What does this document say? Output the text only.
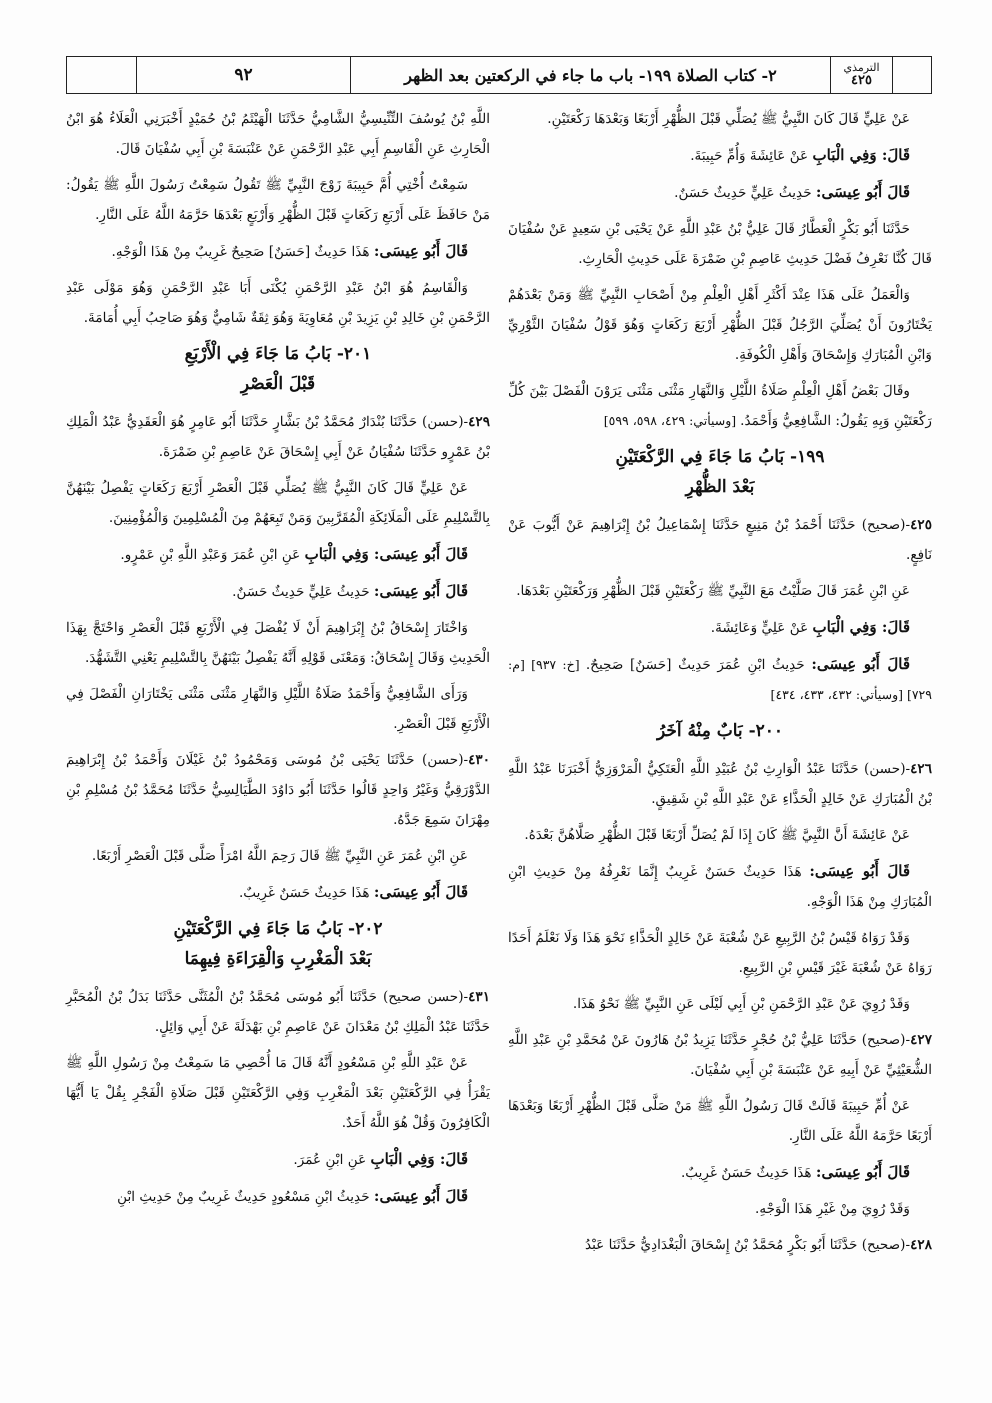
٩٢	٢- كتاب الصلاة ١٩٩- باب ما جاء في الركعتين بعد الظهر	الترمذي
٤٢٥

عَنْ عَلِيٍّ قَالَ كَانَ النَّبِيُّ ﷺ يُصَلِّي قَبْلَ الظُّهْرِ أَرْبَعًا وَبَعْدَهَا رَكْعَتَيْنِ.

قَالَ: وَفِي الْبَابِ عَنْ عَائِشَةَ وَأُمِّ حَبِيبَةَ.

قَالَ أَبُو عِيسَى: حَدِيثُ عَلِيٍّ حَدِيثٌ حَسَنٌ.

حَدَّثَنَا أَبُو بَكْرٍ الْعَطَّارُ قَالَ عَلِيُّ بْنُ عَبْدِ اللَّهِ عَنْ يَحْيَى بْنِ سَعِيدٍ عَنْ سُفْيَانَ قَالَ كُنَّا نَعْرِفُ فَضْلَ حَدِيثِ عَاصِمِ بْنِ ضَمْرَةَ عَلَى حَدِيثِ الْحَارِثِ.

وَالْعَمَلُ عَلَى هَذَا عِنْدَ أَكْثَرِ أَهْلِ الْعِلْمِ مِنْ أَصْحَابِ النَّبِيِّ ﷺ وَمَنْ بَعْدَهُمْ يَخْتَارُونَ أَنْ يُصَلِّيَ الرَّجُلُ قَبْلَ الظُّهْرِ أَرْبَعَ رَكَعَاتٍ وَهُوَ قَوْلُ سُفْيَانَ الثَّوْرِيِّ وَابْنِ الْمُبَارَكِ وَإِسْحَاقَ وَأَهْلِ الْكُوفَةِ.

وقَالَ بَعْضُ أَهْلِ الْعِلْمِ صَلَاةُ اللَّيْلِ وَالنَّهَارِ مَثْنَى مَثْنَى يَرَوْنَ الْفَصْلَ بَيْنَ كُلِّ رَكْعَتَيْنِ وَبِهِ يَقُولُ: الشَّافِعِيُّ وَأَحْمَدُ. [وسيأتي: ٤٢٩، ٥٩٨، ٥٩٩]

١٩٩- بَابُ مَا جَاءَ فِي الرَّكْعَتَيْنِ
بَعْدَ الظُّهْرِ

٤٢٥-(صحيح) حَدَّثَنَا أَحْمَدُ بْنُ مَنِيعٍ حَدَّثَنَا إِسْمَاعِيلُ بْنُ إِبْرَاهِيمَ عَنْ أَيُّوبَ عَنْ نَافِعٍ.

عَنِ ابْنِ عُمَرَ قَالَ صَلَّيْتُ مَعَ النَّبِيِّ ﷺ رَكْعَتَيْنِ قَبْلَ الظُّهْرِ وَرَكْعَتَيْنِ بَعْدَهَا.

قَالَ: وَفِي الْبَابِ عَنْ عَلِيٍّ وَعَائِشَةَ.

قَالَ أَبُو عِيسَى: حَدِيثُ ابْنِ عُمَرَ حَدِيثٌ [حَسَنٌ] صَحِيحٌ. [خ: ٩٣٧] [م: ٧٢٩] [وسيأتي: ٤٣٢، ٤٣٣، ٤٣٤]

٢٠٠- بَابٌ مِنْهُ آخَرُ

٤٢٦-(حسن) حَدَّثَنَا عَبْدُ الْوَارِثِ بْنُ عُبَيْدِ اللَّهِ الْعَتَكِيُّ الْمَرْوَزِيُّ أَخْبَرَنَا عَبْدُ اللَّهِ بْنُ الْمُبَارَكِ عَنْ خَالِدٍ الْحَذَّاءِ عَنْ عَبْدِ اللَّهِ بْنِ شَقِيقٍ.

عَنْ عَائِشَةَ أَنَّ النَّبِيَّ ﷺ كَانَ إِذَا لَمْ يُصَلِّ أَرْبَعًا قَبْلَ الظُّهْرِ صَلَّاهُنَّ بَعْدَهُ.

قَالَ أَبُو عِيسَى: هَذَا حَدِيثٌ حَسَنٌ غَرِيبٌ إِنَّمَا نَعْرِفُهُ مِنْ حَدِيثِ ابْنِ الْمُبَارَكِ مِنْ هَذَا الْوَجْهِ.

وَقَدْ رَوَاهُ قَيْسُ بْنُ الرَّبِيعِ عَنْ شُعْبَةَ عَنْ خَالِدٍ الْحَذَّاءِ نَحْوَ هَذَا وَلَا نَعْلَمُ أَحَدًا رَوَاهُ عَنْ شُعْبَةَ غَيْرَ قَيْسِ بْنِ الرَّبِيعِ.

وَقَدْ رُوِيَ عَنْ عَبْدِ الرَّحْمَنِ بْنِ أَبِي لَيْلَى عَنِ النَّبِيِّ ﷺ نَحْوُ هَذَا.

٤٢٧-(صحيح) حَدَّثَنَا عَلِيُّ بْنُ حُجْرٍ حَدَّثَنَا يَزِيدُ بْنُ هَارُونَ عَنْ مُحَمَّدِ بْنِ عَبْدِ اللَّهِ الشُّعَيْثِيِّ عَنْ أَبِيهِ عَنْ عَنْبَسَةَ بْنِ أَبِي سُفْيَانَ.

عَنْ أُمِّ حَبِيبَةَ قَالَتْ قَالَ رَسُولُ اللَّهِ ﷺ مَنْ صَلَّى قَبْلَ الظُّهْرِ أَرْبَعًا وَبَعْدَهَا أَرْبَعًا حَرَّمَهُ اللَّهُ عَلَى النَّارِ.

قَالَ أَبُو عِيسَى: هَذَا حَدِيثٌ حَسَنٌ غَرِيبٌ.

وَقَدْ رُوِيَ مِنْ غَيْرِ هَذَا الْوَجْهِ.

٤٢٨-(صحيح) حَدَّثَنَا أَبُو بَكْرٍ مُحَمَّدُ بْنُ إِسْحَاقَ الْبَغْدَادِيُّ حَدَّثَنَا عَبْدُ

اللَّهِ بْنُ يُوسُفَ التِّنِّيسِيُّ الشَّامِيُّ حَدَّثَنَا الْهَيْثَمُ بْنُ حُمَيْدٍ أَخْبَرَنِي الْعَلَاءُ هُوَ ابْنُ الْحَارِثِ عَنِ الْقَاسِمِ أَبِي عَبْدِ الرَّحْمَنِ عَنْ عَنْبَسَةَ بْنِ أَبِي سُفْيَانَ قَالَ.

سَمِعْتُ أُخْتِي أُمَّ حَبِيبَةَ زَوْجَ النَّبِيِّ ﷺ تَقُولُ سَمِعْتُ رَسُولَ اللَّهِ ﷺ يَقُولُ: مَنْ حَافَظَ عَلَى أَرْبَعِ رَكَعَاتٍ قَبْلَ الظُّهْرِ وَأَرْبَعٍ بَعْدَهَا حَرَّمَهُ اللَّهُ عَلَى النَّارِ.

قَالَ أَبُو عِيسَى: هَذَا حَدِيثٌ [حَسَنٌ] صَحِيحٌ غَرِيبٌ مِنْ هَذَا الْوَجْهِ.

وَالْقَاسِمُ هُوَ ابْنُ عَبْدِ الرَّحْمَنِ يُكْنَى أَبَا عَبْدِ الرَّحْمَنِ وَهُوَ مَوْلَى عَبْدِ الرَّحْمَنِ بْنِ خَالِدِ بْنِ يَزِيدَ بْنِ مُعَاوِيَةَ وَهُوَ ثِقَةٌ شَامِيٌّ وَهُوَ صَاحِبُ أَبِي أُمَامَةَ.

٢٠١- بَابُ مَا جَاءَ فِي الْأَرْبَعِ
قَبْلَ الْعَصْرِ

٤٢٩-(حسن) حَدَّثَنَا بُنْدَارٌ مُحَمَّدُ بْنُ بَشَّارٍ حَدَّثَنَا أَبُو عَامِرٍ هُوَ الْعَقَدِيُّ عَبْدُ الْمَلِكِ بْنُ عَمْرٍو حَدَّثَنَا سُفْيَانُ عَنْ أَبِي إِسْحَاقَ عَنْ عَاصِمِ بْنِ ضَمْرَةَ.

عَنْ عَلِيٍّ قَالَ كَانَ النَّبِيُّ ﷺ يُصَلِّي قَبْلَ الْعَصْرِ أَرْبَعَ رَكَعَاتٍ يَفْصِلُ بَيْنَهُنَّ بِالتَّسْلِيمِ عَلَى الْمَلَائِكَةِ الْمُقَرَّبِينَ وَمَنْ تَبِعَهُمْ مِنَ الْمُسْلِمِينَ وَالْمُؤْمِنِينَ.

قَالَ أَبُو عِيسَى: وَفِي الْبَابِ عَنِ ابْنِ عُمَرَ وَعَبْدِ اللَّهِ بْنِ عَمْرٍو.

قَالَ أَبُو عِيسَى: حَدِيثُ عَلِيٍّ حَدِيثٌ حَسَنٌ.

وَاخْتَارَ إِسْحَاقُ بْنُ إِبْرَاهِيمَ أَنْ لَا يُفْصَلَ فِي الْأَرْبَعِ قَبْلَ الْعَصْرِ وَاحْتَجَّ بِهَذَا الْحَدِيثِ وَقَالَ إِسْحَاقُ: وَمَعْنَى قَوْلِهِ أَنَّهُ يَفْصِلُ بَيْنَهُنَّ بِالتَّسْلِيمِ يَعْنِي التَّشَهُّدَ.

وَرَأَى الشَّافِعِيُّ وَأَحْمَدُ صَلَاةُ اللَّيْلِ وَالنَّهَارِ مَثْنَى مَثْنَى يَخْتَارَانِ الْفَصْلَ فِي الْأَرْبَعِ قَبْلَ الْعَصْرِ.

٤٣٠-(حسن) حَدَّثَنَا يَحْيَى بْنُ مُوسَى وَمَحْمُودُ بْنُ غَيْلَانَ وَأَحْمَدُ بْنُ إِبْرَاهِيمَ الدَّوْرَقِيُّ وَغَيْرُ وَاحِدٍ قَالُوا حَدَّثَنَا أَبُو دَاوُدَ الطَّيَالِسِيُّ حَدَّثَنَا مُحَمَّدُ بْنُ مُسْلِمِ بْنِ مِهْرَانَ سَمِعَ جَدَّهُ.

عَنِ ابْنِ عُمَرَ عَنِ النَّبِيِّ ﷺ قَالَ رَحِمَ اللَّهُ امْرَأً صَلَّى قَبْلَ الْعَصْرِ أَرْبَعًا.

قَالَ أَبُو عِيسَى: هَذَا حَدِيثٌ حَسَنٌ غَرِيبٌ.

٢٠٢- بَابُ مَا جَاءَ فِي الرَّكْعَتَيْنِ
بَعْدَ الْمَغْرِبِ وَالْقِرَاءَةِ فِيهِمَا

٤٣١-(حسن صحيح) حَدَّثَنَا أَبُو مُوسَى مُحَمَّدُ بْنُ الْمُثَنَّى حَدَّثَنَا بَدَلُ بْنُ الْمُحَبَّرِ حَدَّثَنَا عَبْدُ الْمَلِكِ بْنُ مَعْدَانَ عَنْ عَاصِمِ بْنِ بَهْدَلَةَ عَنْ أَبِي وَائِلٍ.

عَنْ عَبْدِ اللَّهِ بْنِ مَسْعُودٍ أَنَّهُ قَالَ مَا أُحْصِي مَا سَمِعْتُ مِنْ رَسُولِ اللَّهِ ﷺ يَقْرَأُ فِي الرَّكْعَتَيْنِ بَعْدَ الْمَغْرِبِ وَفِي الرَّكْعَتَيْنِ قَبْلَ صَلَاةِ الْفَجْرِ بِقُلْ يَا أَيُّهَا الْكَافِرُونَ وَقُلْ هُوَ اللَّهُ أَحَدٌ.

قَالَ: وَفِي الْبَابِ عَنِ ابْنِ عُمَرَ.

قَالَ أَبُو عِيسَى: حَدِيثُ ابْنِ مَسْعُودٍ حَدِيثٌ غَرِيبٌ مِنْ حَدِيثِ ابْنِ
